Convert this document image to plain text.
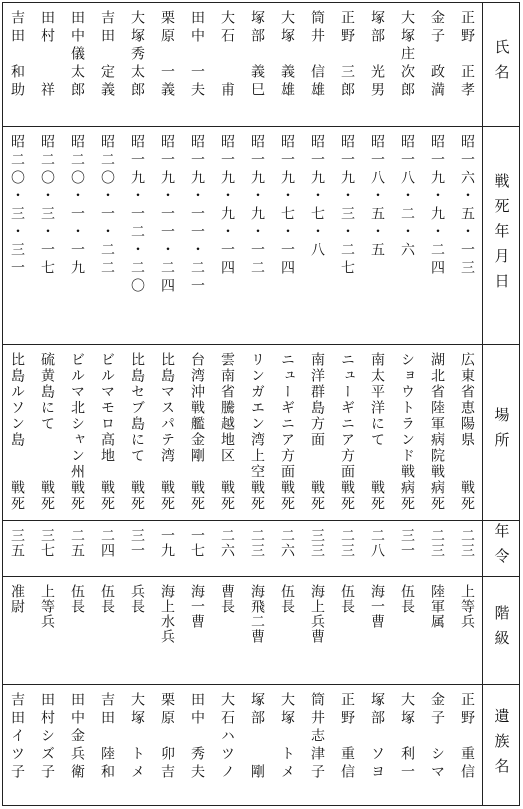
氏名
戦死年月日
場所
年令
階級
遺族名
正野　正孝
昭一六・五・一三
広東省恵陽県　　戦死
二三
上等兵
正野　重信
金子　政満
昭一九・九・二四
湖北省陸軍病院戦病死
二三
陸軍属
金子　シマ
大塚庄次郎
昭一八・二・六
ショウトランド戦病死
三一
伍長
大塚　利一
塚部　光男
昭一八・五・五
南太平洋にて　　戦死
二八
海一曹
塚部　ソヨ
正野　三郎
昭一九・三・二七
ニューギニア方面戦死
二三
伍長
正野　重信
筒井　信雄
昭一九・七・八
南洋群島方面　　戦死
三三
海上兵曹
筒井志津子
大塚　義雄
昭一九・七・一四
ニューギニア方面戦死
二六
伍長
大塚　トメ
塚部　義巳
昭一九・九・一二
リンガエン湾上空戦死
二三
海飛二曹
塚部　　剛
大石　　甫
昭一九・九・一四
雲南省騰越地区　戦死
二六
曹長
大石ハツノ
田中　一夫
昭一九・一一・二一
台湾沖戦艦金剛　戦死
一七
海一曹
田中　秀夫
栗原　一義
昭一九・一一・二四
比島マスパテ湾　戦死
一九
海上水兵
栗原　卯吉
大塚秀太郎
昭一九・一二・二〇
比島セブ島にて　戦死
三一
兵長
大塚　トメ
吉田　定義
昭二〇・一・二二
ビルマモロ高地　戦死
二四
伍長
吉田　陸和
田中儀太郎
昭二〇・一・一九
ビルマ北シャン州戦死
二五
伍長
田中金兵衛
田村　　祥
昭二〇・三・一七
硫黄島にて　　　戦死
三七
上等兵
田村シズ子
吉田　和助
昭二〇・三・三一
比島ルソン島　　戦死
三五
准尉
吉田イツ子
